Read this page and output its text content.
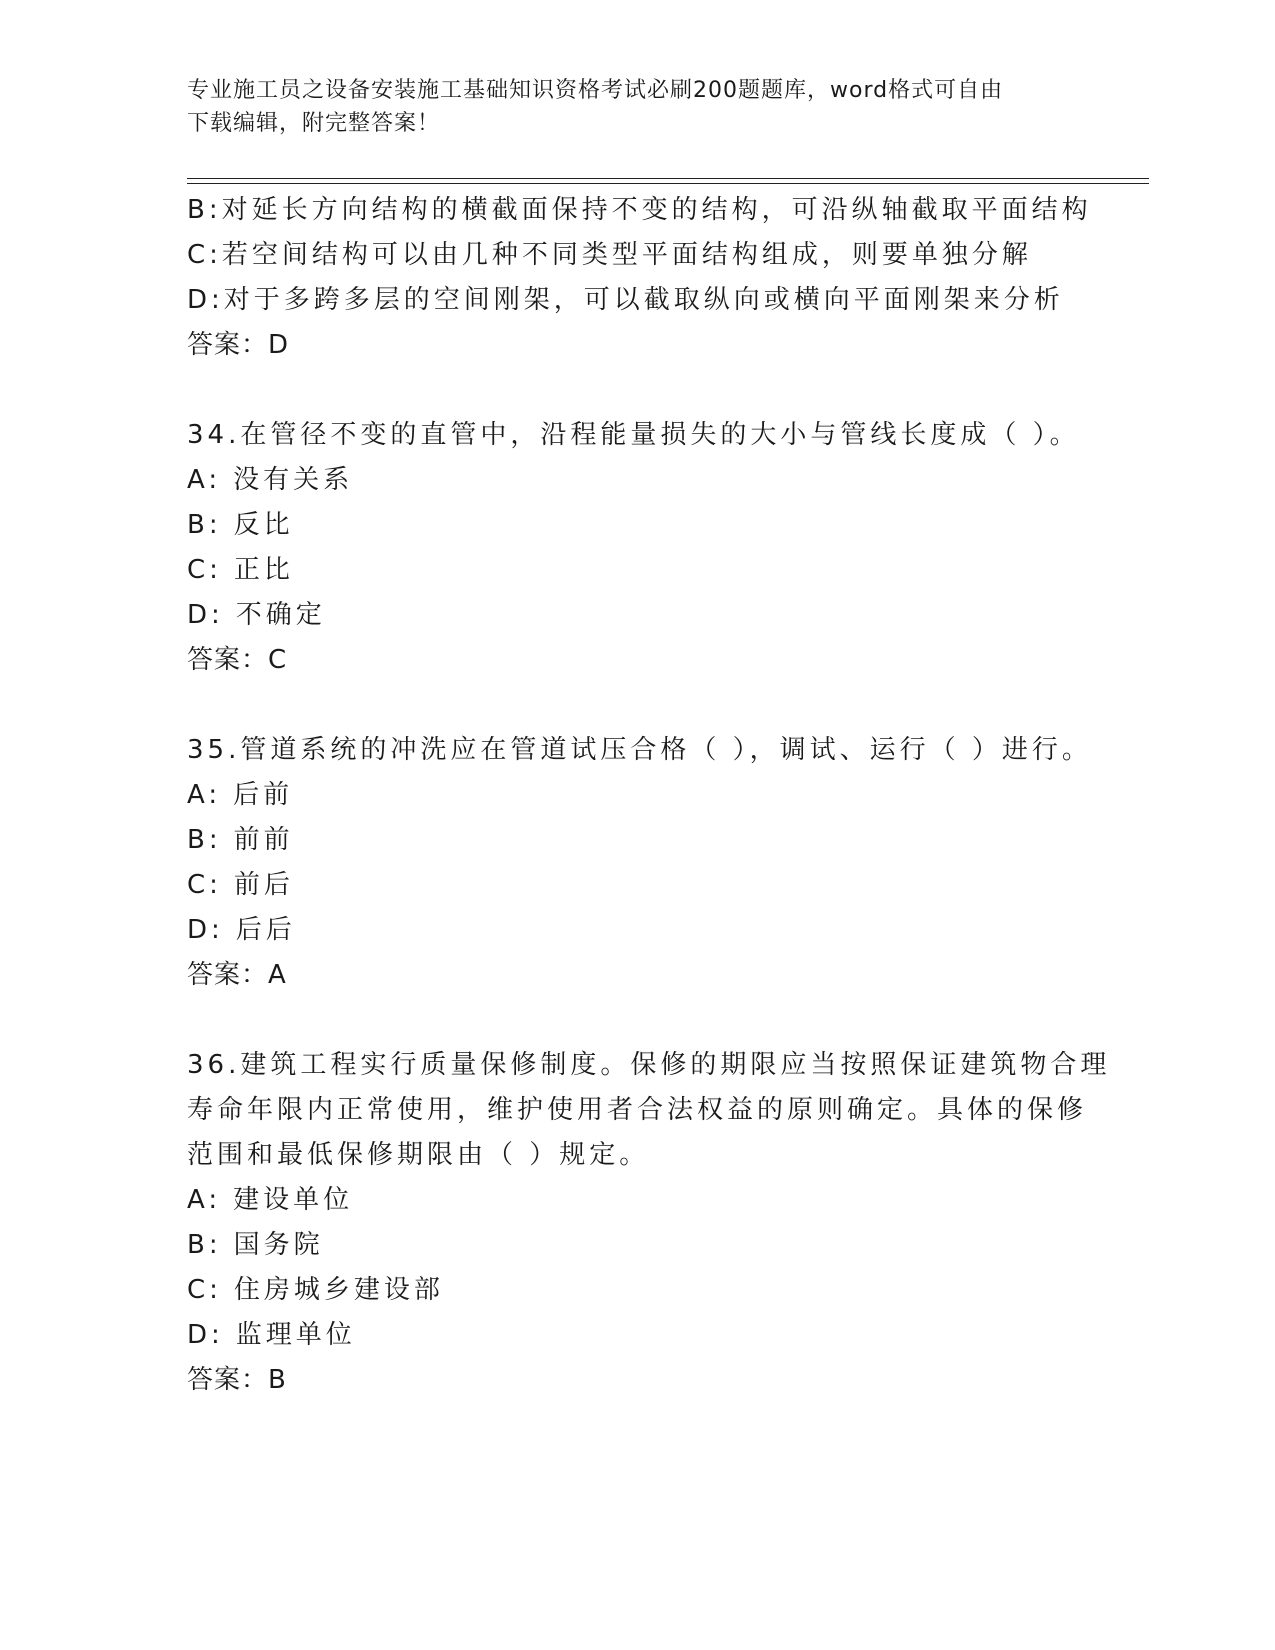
专业施工员之设备安装施工基础知识资格考试必刷200题题库，word格式可自由
下载编辑，附完整答案！
B:对延长方向结构的横截面保持不变的结构，可沿纵轴截取平面结构
C:若空间结构可以由几种不同类型平面结构组成，则要单独分解
D:对于多跨多层的空间刚架，可以截取纵向或横向平面刚架来分析
答案：D
34.在管径不变的直管中，沿程能量损失的大小与管线长度成（ ）。
A: 没有关系
B: 反比
C: 正比
D: 不确定
答案：C
35.管道系统的冲洗应在管道试压合格（ ），调试、运行（ ）进行。
A: 后前
B: 前前
C: 前后
D: 后后
答案：A
36.建筑工程实行质量保修制度。保修的期限应当按照保证建筑物合理
寿命年限内正常使用，维护使用者合法权益的原则确定。具体的保修
范围和最低保修期限由（ ）规定。
A: 建设单位
B: 国务院
C: 住房城乡建设部
D: 监理单位
答案：B
